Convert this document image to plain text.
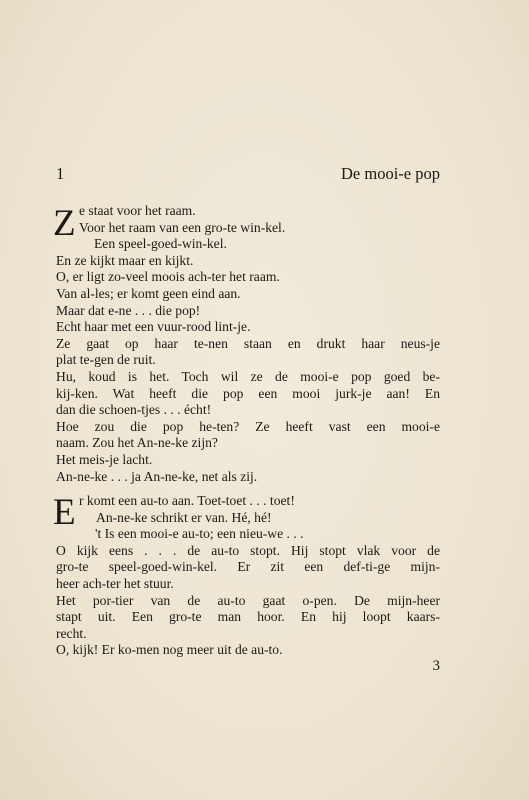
1	De mooi-e pop
Z e staat voor het raam.
Voor het raam van een gro-te win-kel.
Een speel-goed-win-kel.
En ze kijkt maar en kijkt.
O, er ligt zo-veel moois ach-ter het raam.
Van al-les; er komt geen eind aan.
Maar dat e-ne . . . die pop!
Echt haar met een vuur-rood lint-je.
Ze gaat op haar te-nen staan en drukt haar neus-je
plat te-gen de ruit.
Hu, koud is het. Toch wil ze de mooi-e pop goed be-
kij-ken. Wat heeft die pop een mooi jurk-je aan! En
dan die schoen-tjes . . . écht!
Hoe zou die pop he-ten? Ze heeft vast een mooi-e
naam. Zou het An-ne-ke zijn?
Het meis-je lacht.
An-ne-ke . . . ja An-ne-ke, net als zij.
E r komt een au-to aan. Toet-toet . . . toet!
An-ne-ke schrikt er van. Hé, hé!
't Is een mooi-e au-to; een nieu-we . . .
O kijk eens . . . de au-to stopt. Hij stopt vlak voor de
gro-te speel-goed-win-kel. Er zit een def-ti-ge mijn-
heer ach-ter het stuur.
Het por-tier van de au-to gaat o-pen. De mijn-heer
stapt uit. Een gro-te man hoor. En hij loopt kaars-
recht.
O, kijk! Er ko-men nog meer uit de au-to.
3
